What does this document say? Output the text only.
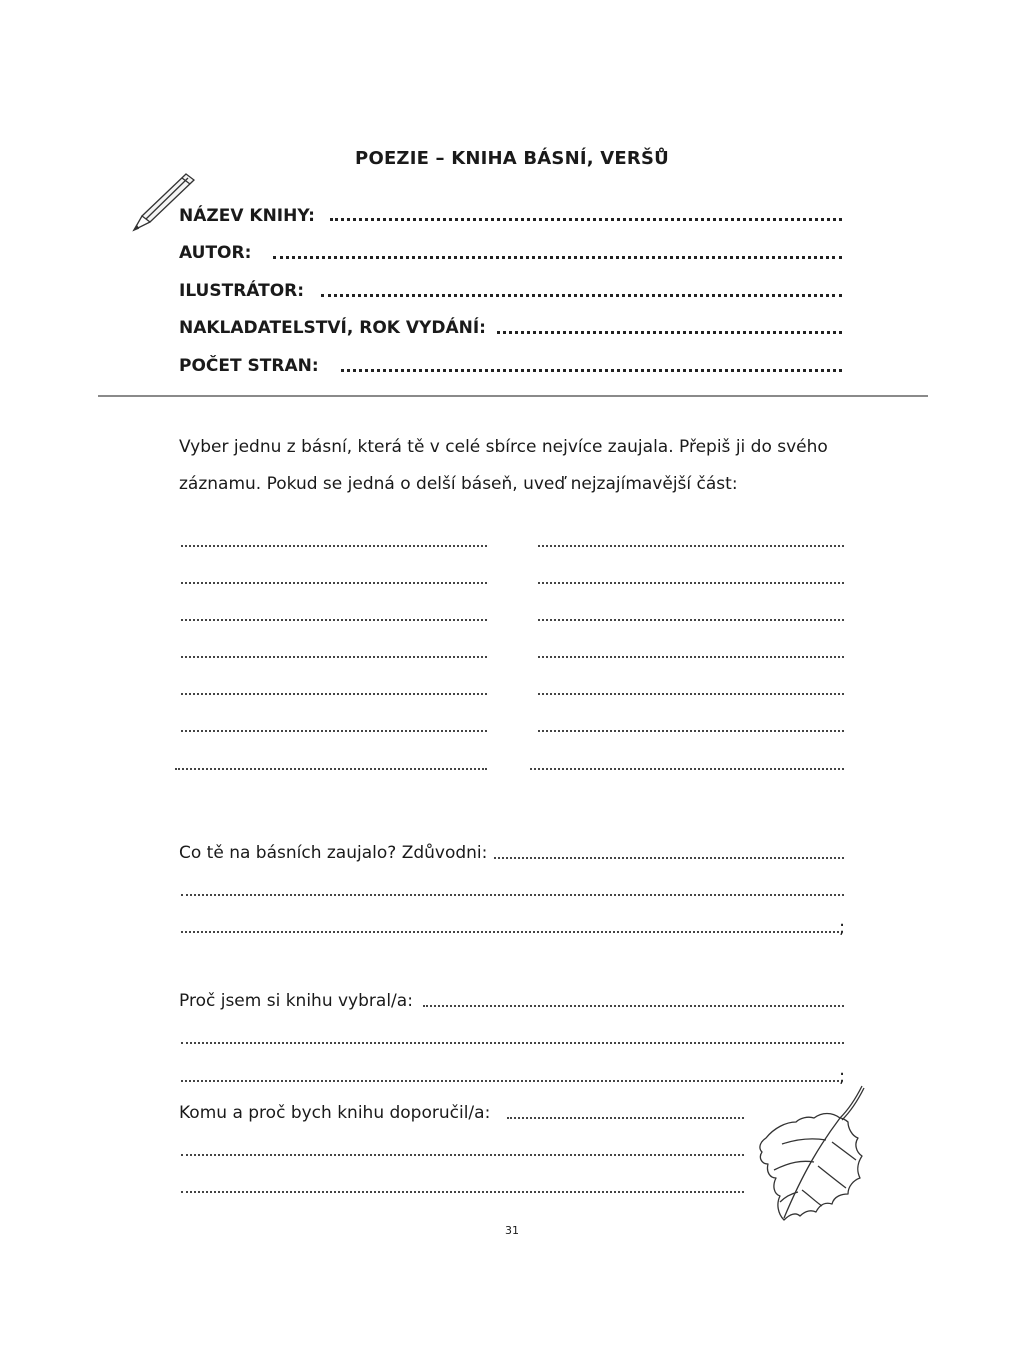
POEZIE – KNIHA BÁSNÍ, VERŠŮ
NÁZEV KNIHY:
AUTOR:
ILUSTRÁTOR:
NAKLADATELSTVÍ, ROK VYDÁNÍ:
POČET STRAN:
Vyber jednu z básní, která tě v celé sbírce nejvíce zaujala. Přepiš ji do svého
záznamu. Pokud se jedná o delší báseň, uveď nejzajímavější část:
Co tě na básních zaujalo? Zdůvodni:
;
Proč jsem si knihu vybral/a:
;
Komu a proč bych knihu doporučil/a:
31
